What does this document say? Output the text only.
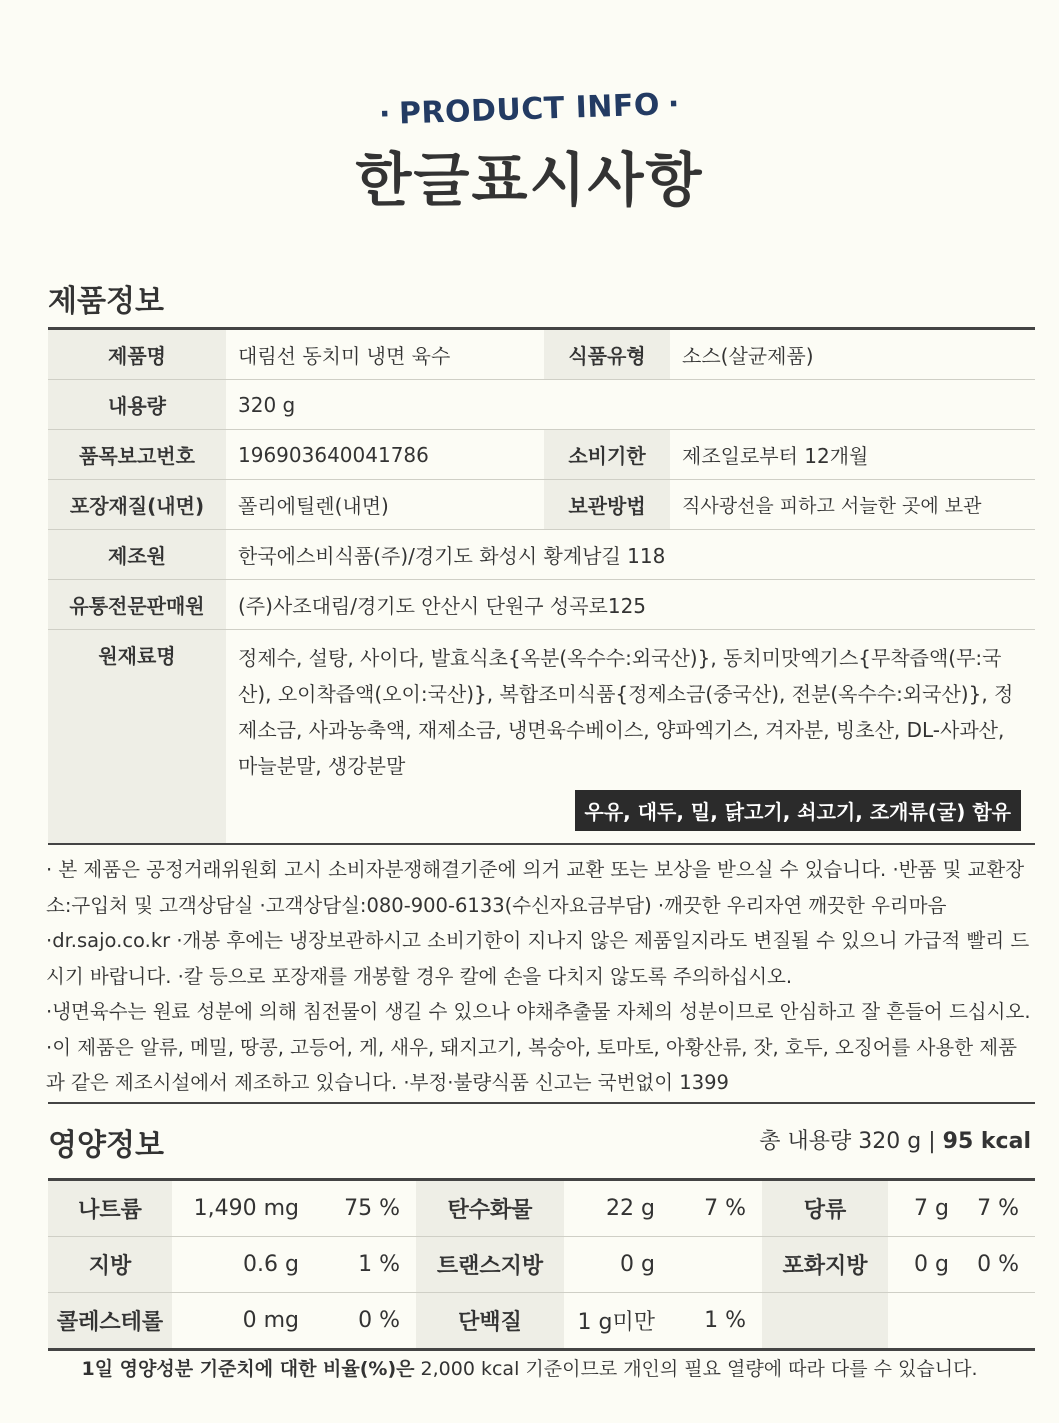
· PRODUCT INFO ·
한글표시사항
제품정보
제품명	대림선 동치미 냉면 육수	식품유형	소스(살균제품)
내용량	320 g		
품목보고번호	196903640041786	소비기한	제조일로부터 12개월
포장재질(내면)	폴리에틸렌(내면)	보관방법	직사광선을 피하고 서늘한 곳에 보관
제조원	한국에스비식품(주)/경기도 화성시 황계남길 118		
유통전문판매원	(주)사조대림/경기도 안산시 단원구 성곡로125		
원재료명	정제수, 설탕, 사이다, 발효식초{옥분(옥수수:외국산)}, 동치미맛엑기스{무착즙액(무:국산), 오이착즙액(오이:국산)}, 복합조미식품{정제소금(중국산), 전분(옥수수:외국산)}, 정제소금, 사과농축액, 재제소금, 냉면육수베이스, 양파엑기스, 겨자분, 빙초산, DL-사과산, 마늘분말, 생강분말
우유, 대두, 밀, 닭고기, 쇠고기, 조개류(굴) 함유		

· 본 제품은 공정거래위원회 고시 소비자분쟁해결기준에 의거 교환 또는 보상을 받으실 수 있습니다. ·반품 및 교환장소:구입처 및 고객상담실 ·고객상담실:080-900-6133(수신자요금부담) ·깨끗한 우리자연 깨끗한 우리마음 ·dr.sajo.co.kr ·개봉 후에는 냉장보관하시고 소비기한이 지나지 않은 제품일지라도 변질될 수 있으니 가급적 빨리 드시기 바랍니다. ·칼 등으로 포장재를 개봉할 경우 칼에 손을 다치지 않도록 주의하십시오.

·냉면육수는 원료 성분에 의해 침전물이 생길 수 있으나 야채추출물 자체의 성분이므로 안심하고 잘 흔들어 드십시오. ·이 제품은 알류, 메밀, 땅콩, 고등어, 게, 새우, 돼지고기, 복숭아, 토마토, 아황산류, 잣, 호두, 오징어를 사용한 제품과 같은 제조시설에서 제조하고 있습니다. ·부정·불량식품 신고는 국번없이 1399

영양정보	총 내용량 320 g | 95 kcal
나트륨	1,490 mg	75 %	탄수화물	22 g	7 %	당류	7 g	7 %
지방	0.6 g	1 %	트랜스지방	0 g		포화지방	0 g	0 %
콜레스테롤	0 mg	0 %	단백질	1 g미만	1 %			
1일 영양성분 기준치에 대한 비율(%)은 2,000 kcal 기준이므로 개인의 필요 열량에 따라 다를 수 있습니다.
